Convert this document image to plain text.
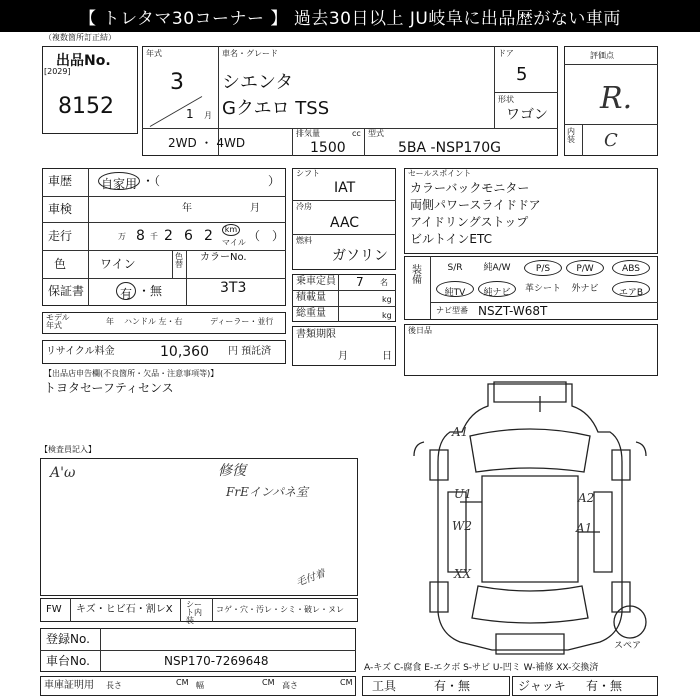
【 トレタマ30コーナー 】 過去30日以上 JU岐阜に出品歴がない車両
（複数箇所訂正結）
出品No.
[2029]
8152
年式
3
1 月
車名・グレード
シエンタ
Gクエロ TSS
ドア
5
形状
ワゴン
2WD ・ 4WD
排気量	cc
1500
型式
5BA -NSP170G
評価点
R.
内装 C
車歴 自家用 ・（　　　　　　　　　）
車検	年	月
走行	万 8 千 2 6 2	km
マイル （　）
色	ワイン
色替
カラーNo.
3T3
保証書	有 ・無
モデル年式	年 ハンドル 左・右	ディーラー・並行
リサイクル料金	10,360 円 預託済
シフト
IAT
冷房
AAC
燃料
ガソリン
乗車定員 7 名
積載量	kg
総重量	kg
書類期限
月	日
セールスポイント
カラーバックモニター
両側パワースライドドア
アイドリングストップ
ビルトインETC
装備
S/R	純A/W	P/S	P/W	ABS
純TV	純ナビ	革シート	外ナビ	エアB
ナビ型番 NSZT-W68T
後日品
【出品店申告欄(不良箇所・欠品・注意事項等)】
トヨタセーフティセンス
【検査員記入】
A'ω	修復
FrEインパネ室
A1
U1
W2
A2
A1
XX
スペア
FW キズ・ヒビ石・割レX シート内装
コゲ・穴・汚レ・シミ・破レ・ヌレ
毛付着
登録No.
車台No.	NSP170-7269648	A-キズ C-腐食 E-エクボ S-サビ U-凹ミ W-補修 XX-交換済
車庫証明用 長さ	CM 幅	CM 高さ	CM 工具	有・無	ジャッキ 有・無
